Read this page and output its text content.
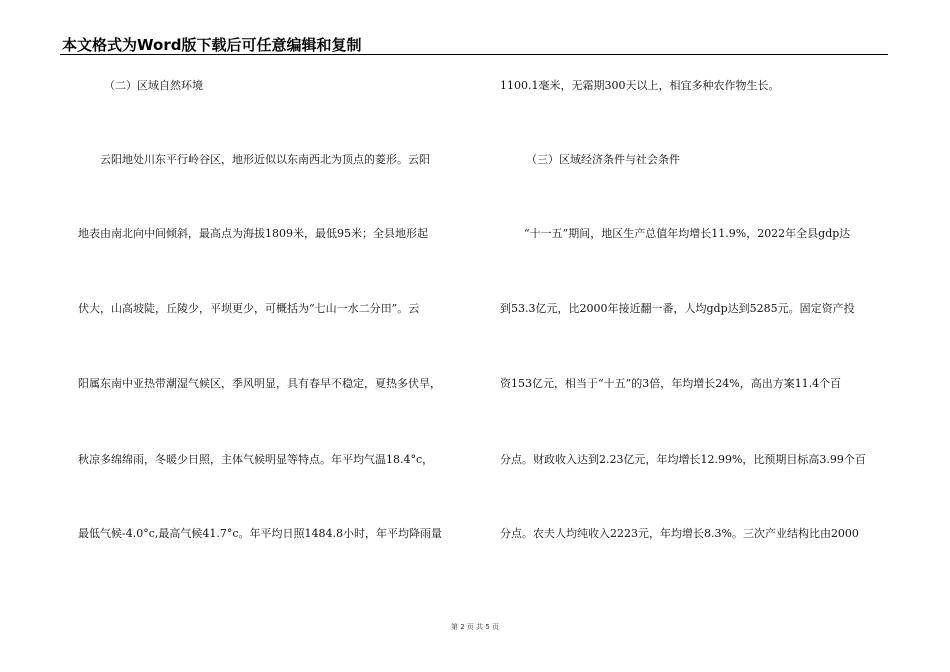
本文格式为Word版下载后可任意编辑和复制
（二）区域自然环境
云阳地处川东平行岭谷区，地形近似以东南西北为顶点的菱形。云阳
地表由南北向中间倾斜，最高点为海拔1809米，最低95米；全县地形起
伏大，山高坡陡，丘陵少，平坝更少，可概括为“七山一水二分田”。云
阳属东南中亚热带潮湿气候区，季风明显，具有春早不稳定，夏热多伏旱，
秋凉多绵绵雨，冬暖少日照，主体气候明显等特点。年平均气温18.4°c，
最低气候-4.0°c,最高气候41.7°c。年平均日照1484.8小时，年平均降雨量
1100.1毫米，无霜期300天以上，相宜多种农作物生长。
（三）区域经济条件与社会条件
“十一五”期间，地区生产总值年均增长11.9%，2022年全县gdp达
到53.3亿元，比2000年接近翻一番，人均gdp达到5285元。固定资产投
资153亿元，相当于“十五”的3倍，年均增长24%，高出方案11.4个百
分点。财政收入达到2.23亿元，年均增长12.99%，比预期目标高3.99个百
分点。农夫人均纯收入2223元，年均增长8.3%。三次产业结构比由2000
第 2 页 共 5 页
